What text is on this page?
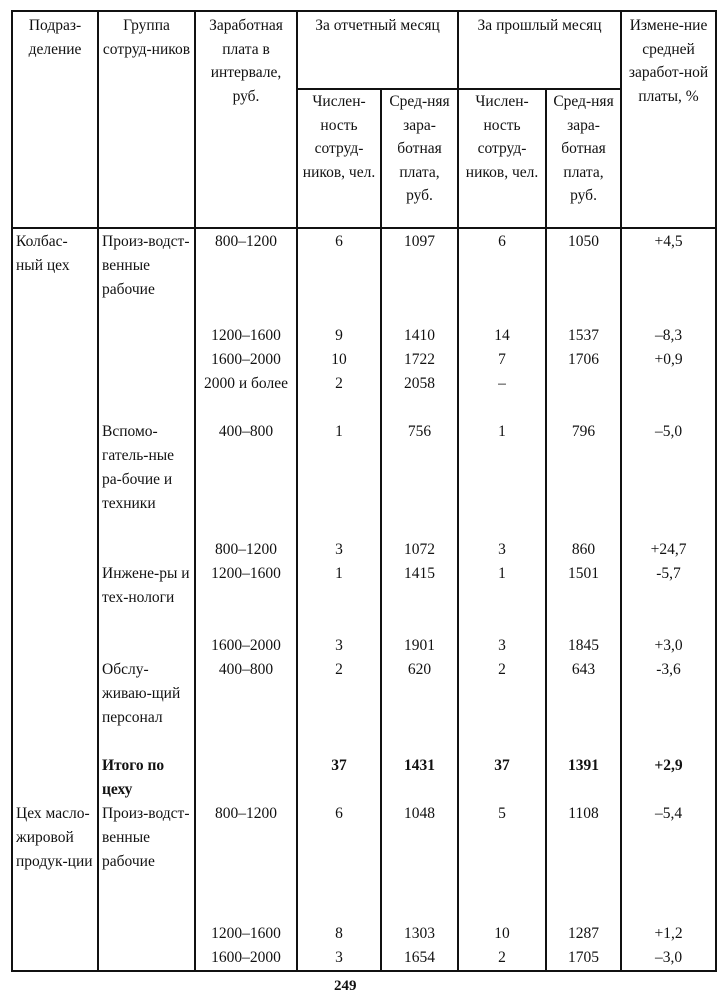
Подраз-деление	Группа сотруд-ников	Заработная плата в интервале, руб.	За отчетный месяц		За прошлый месяц		Измене-ние средней заработ-ной платы, %
			Числен-ность сотруд-ников, чел.	Сред-няя зара-ботная плата, руб.	Числен-ность сотруд-ников, чел.	Сред-няя зара-ботная плата, руб.	
Колбас-ный цех	Произ-водст-венные рабочие	800–1200	6	1097	6	1050	+4,5
		1200–1600	9	1410	14	1537	–8,3
		1600–2000	10	1722	7	1706	+0,9
		2000 и более	2	2058	–		
	Вспомо-гатель-ные ра-бочие и техники	400–800	1	756	1	796	–5,0
		800–1200	3	1072	3	860	+24,7
	Инжене-ры и тех-нологи	1200–1600	1	1415	1	1501	-5,7
		1600–2000	3	1901	3	1845	+3,0
	Обслу-живаю-щий персонал	400–800	2	620	2	643	-3,6
	Итого по цеху		37	1431	37	1391	+2,9
Цех масло-жировой продук-ции	Произ-водст-венные рабочие	800–1200	6	1048	5	1108	–5,4
		1200–1600	8	1303	10	1287	+1,2
		1600–2000	3	1654	2	1705	–3,0
249
